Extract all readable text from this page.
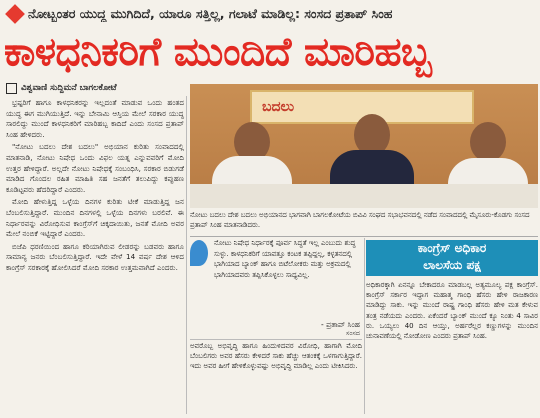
ನೋಟ್ಬಂತರ ಯುದ್ದ ಮುಗಿದಿದೆ, ಯಾರೂ ಸತ್ತಿಲ್ಲ, ಗಲಾಟೆ ಮಾಡಿಲ್ಲ: ಸಂಸದ ಪ್ರತಾಪ್ ಸಿಂಹ
ಕಾಳಧನಿಕರಿಗೆ ಮುಂದಿದೆ ಮಾರಿಹಬ್ಬ
ವಿಶ್ವವಾಣಿ ಸುದ್ದಿಮನೆ ಬಾಗಲಕೋಟೆ

ಭ್ರಷ್ಟರಿಗೆ ಹಾಗೂ ಕಾಳಧನಿಕರನ್ನು ಇಲ್ಲದಂತೆ ಮಾಡುವ ಒಂದು ಹಂತದ ಯುದ್ಧ ಈಗ ಮುಗಿಯುತ್ತಿದೆ. ಇನ್ನು ಬೇನಾಮಿ ಆಸ್ತಿಯ ಮೇಲೆ ಸರಕಾರ ಯುದ್ಧ ಸಾರಲಿದ್ದು ಮುಂದೆ ಕಾಳಧನಿಕರಿಗೆ ಮಾರಿಹಬ್ಬ ಕಾದಿದೆ ಎಂದು ಸಂಸದ ಪ್ರತಾಪ್ ಸಿಂಹ ಹೇಳಿದರು.

"ನೋಟು ಬದಲು ದೇಶ ಬದಲು" ಅಭಿಯಾನ ಕುರಿತು ಸಂವಾದದಲ್ಲಿ ಮಾತನಾಡಿ, ನೋಟು ನಿಷೇಧ ಒಂದು ವಿಫಲ ಯತ್ನ ಎನ್ನುವವರಿಗೆ ಮೋದಿ ಉತ್ತರ ಹೇಳಿದ್ದಾರೆ. ಅಲ್ಲದೇ ನೋಟು ನಿಷೇಧಕ್ಕೆ ಸಂಬಂಧಿಸಿ, ಸರಕಾರ ಬಿಡುಗಡೆ ಮಾಡಿದ ಗೊಂದಲ ರಹಿತ ಮಾಹಿತಿ ಸಹ ಜನತೆಗೆ ತಲುಪಿದ್ದು ಕಪ್ಪುಹಣ ಕೂಡಿಟ್ಟವರು ಹೆದರಿದ್ದಾರೆ ಎಂದರು.

ಮೋದಿ ಹೇಳುತ್ತಿದ್ದ ಒಳ್ಳೆಯ ದಿನಗಳ ಕುರಿತು ಟೀಕೆ ಮಾಡುತ್ತಿದ್ದ ಜನ ಬೆಂಬಲಿಸುತ್ತಿದ್ದಾರೆ. ಮುಂದಿನ ದಿನಗಳಲ್ಲಿ ಒಳ್ಳೆಯ ದಿನಗಳು ಬರಲಿವೆ. ಈ ನಿರ್ಧಾರವನ್ನು ವಿರೋಧಿಸುವ ಕಾಂಗ್ರೆಸ್‌ಗೆ ಚಿಕ್ಕದಾಯಿತು, ಜನತೆ ಮೋದಿ ಅವರ ಮೇಲೆ ನಂಬಿಕೆ ಇಟ್ಟಿದ್ದಾರೆ ಎಂದರು.

ಬಿಜೆಪಿ ಧರಣಿಯಿಂದ ಹಾಗೂ ಕರಿಯಾಗಿರುವ ಲೀಡರನ್ನು ಬಡವರು ಹಾಗೂ ಸಾಮಾನ್ಯ ಜನರು ಬೆಂಬಲಿಸುತ್ತಿದ್ದಾರೆ. ಇದೇ ವೇಳೆ 14 ವರ್ಷ ದೇಶ ಆಳಿದ ಕಾಂಗ್ರೆಸ್ ಸರಕಾರಕ್ಕೆ ಹೋಲಿಸಿದರೆ ಮೋದಿ ಸರಕಾರ ಉತ್ತಮವಾಗಿದೆ ಎಂದರು.

ಬದಲು
ನೋಟು ಬದಲು ದೇಶ ಬದಲು ಅಭಿಯಾನದ ಭಾಗವಾಗಿ ಬಾಗಲಕೋಟೆಯ ಬಿವಿವಿ ಸಂಘದ ಸಭಾಭವನದಲ್ಲಿ ನಡೆದ ಸಂವಾದದಲ್ಲಿ ಮೈಸೂರು-ಕೊಡಗು ಸಂಸದ ಪ್ರತಾಪ್ ಸಿಂಹ ಮಾತನಾಡಿದರು.

ನೋಟು ನಿಷೇಧ ನಿರ್ಧಾರಕ್ಕೆ ಪೂರ್ವ ಸಿದ್ಧತೆ ಇಲ್ಲ ಎಂಬುದು ಶುದ್ಧ ಸುಳ್ಳು. ಕಾಳಧನಿಕರಿಗೆ ಯಾವತ್ತೂ ಕಂಟಕ ತಪ್ಪಿದ್ದಲ್ಲ, ಕಳ್ಳತನದಲ್ಲಿ ಭಾಗಿಯಾದ ಬ್ಯಾಂಕ್ ಹಾಗೂ ಬಿಟೆಲೋಕರು ಮತ್ತು ಅಕ್ರಮದಲ್ಲಿ ಭಾಗಿಯಾದವರು ತಪ್ಪಿಸಿಕೊಳ್ಳಲು ಸಾಧ್ಯವಿಲ್ಲ.

- ಪ್ರತಾಪ್ ಸಿಂಹ
ಸಂಸದ

ಅವರೊಬ್ಬ ಅಭಿವೃದ್ಧಿ ಹಾಗೂ ಹಿಂದುಳಿದವರ ವಿರೋಧಿ, ಹಾಗಾಗಿ ಮೋದಿ ಬೆಂಬಲಿಗರು ಅವರ ಹೆಸರು ಕೇಳಿದರೆ ಸಾಕು ಹೆಚ್ಚು ಆತಂಕಕ್ಕೆ ಒಳಗಾಗುತ್ತಿದ್ದಾರೆ. ಇದು ಅವರ ಹೀಗೆ ಹೇಳಿಕೊಳ್ಳುವಷ್ಟು ಅಭಿವೃದ್ಧಿ ಮಾಡಿಲ್ಲ ಎಂದು ಟೀಕಿಸಿದರು.

ಕಾಂಗ್ರೆಸ್ ಅಧಿಕಾರ
ಲಾಲಸೆಯ ಪಕ್ಷ

ಅಧಿಕಾರಕ್ಕಾಗಿ ಏನನ್ನೂ ಬೇಕಾದರೂ ಮಾಡಬಲ್ಲ ಅತ್ಯಮೂಲ್ಯ ಪಕ್ಷ ಕಾಂಗ್ರೆಸ್. ಕಾಂಗ್ರೆಸ್ ಸರ್ಕಾರ ಇದ್ದಾಗ ಮಹಾತ್ಮ ಗಾಂಧಿ ಹೆಸರು ಹೇಳಿ ರಾಜಕಾರಣ ಮಾಡಿದ್ದು ಸಾಕು. ಇನ್ನು ಮುಂದೆ ರಾಷ್ಟ್ರ ಗಾಂಧಿ ಹೆಸರು ಹೇಳಿ ಮತ ಕೇಳುವ ತಂತ್ರ ನಡೆಯದು ಎಂದರು. ಏಕೆಂದರೆ ಬ್ಯಾಂಕ್ ಮುಂದೆ ಕ್ಯೂ ನಿಂತು 4 ಸಾವಿರ ರು. ಒಯ್ಯಲು 40 ದಿನ ಆಯ್ತು, ಅರ್ಹರೆಲ್ಲರ ಕಣ್ಣುಗಳನ್ನು ಮುಂದಿನ ಚುನಾವಣೆಯಲ್ಲಿ ನೋಡೋಣ ಎಂದರು ಪ್ರತಾಪ್ ಸಿಂಹ.
